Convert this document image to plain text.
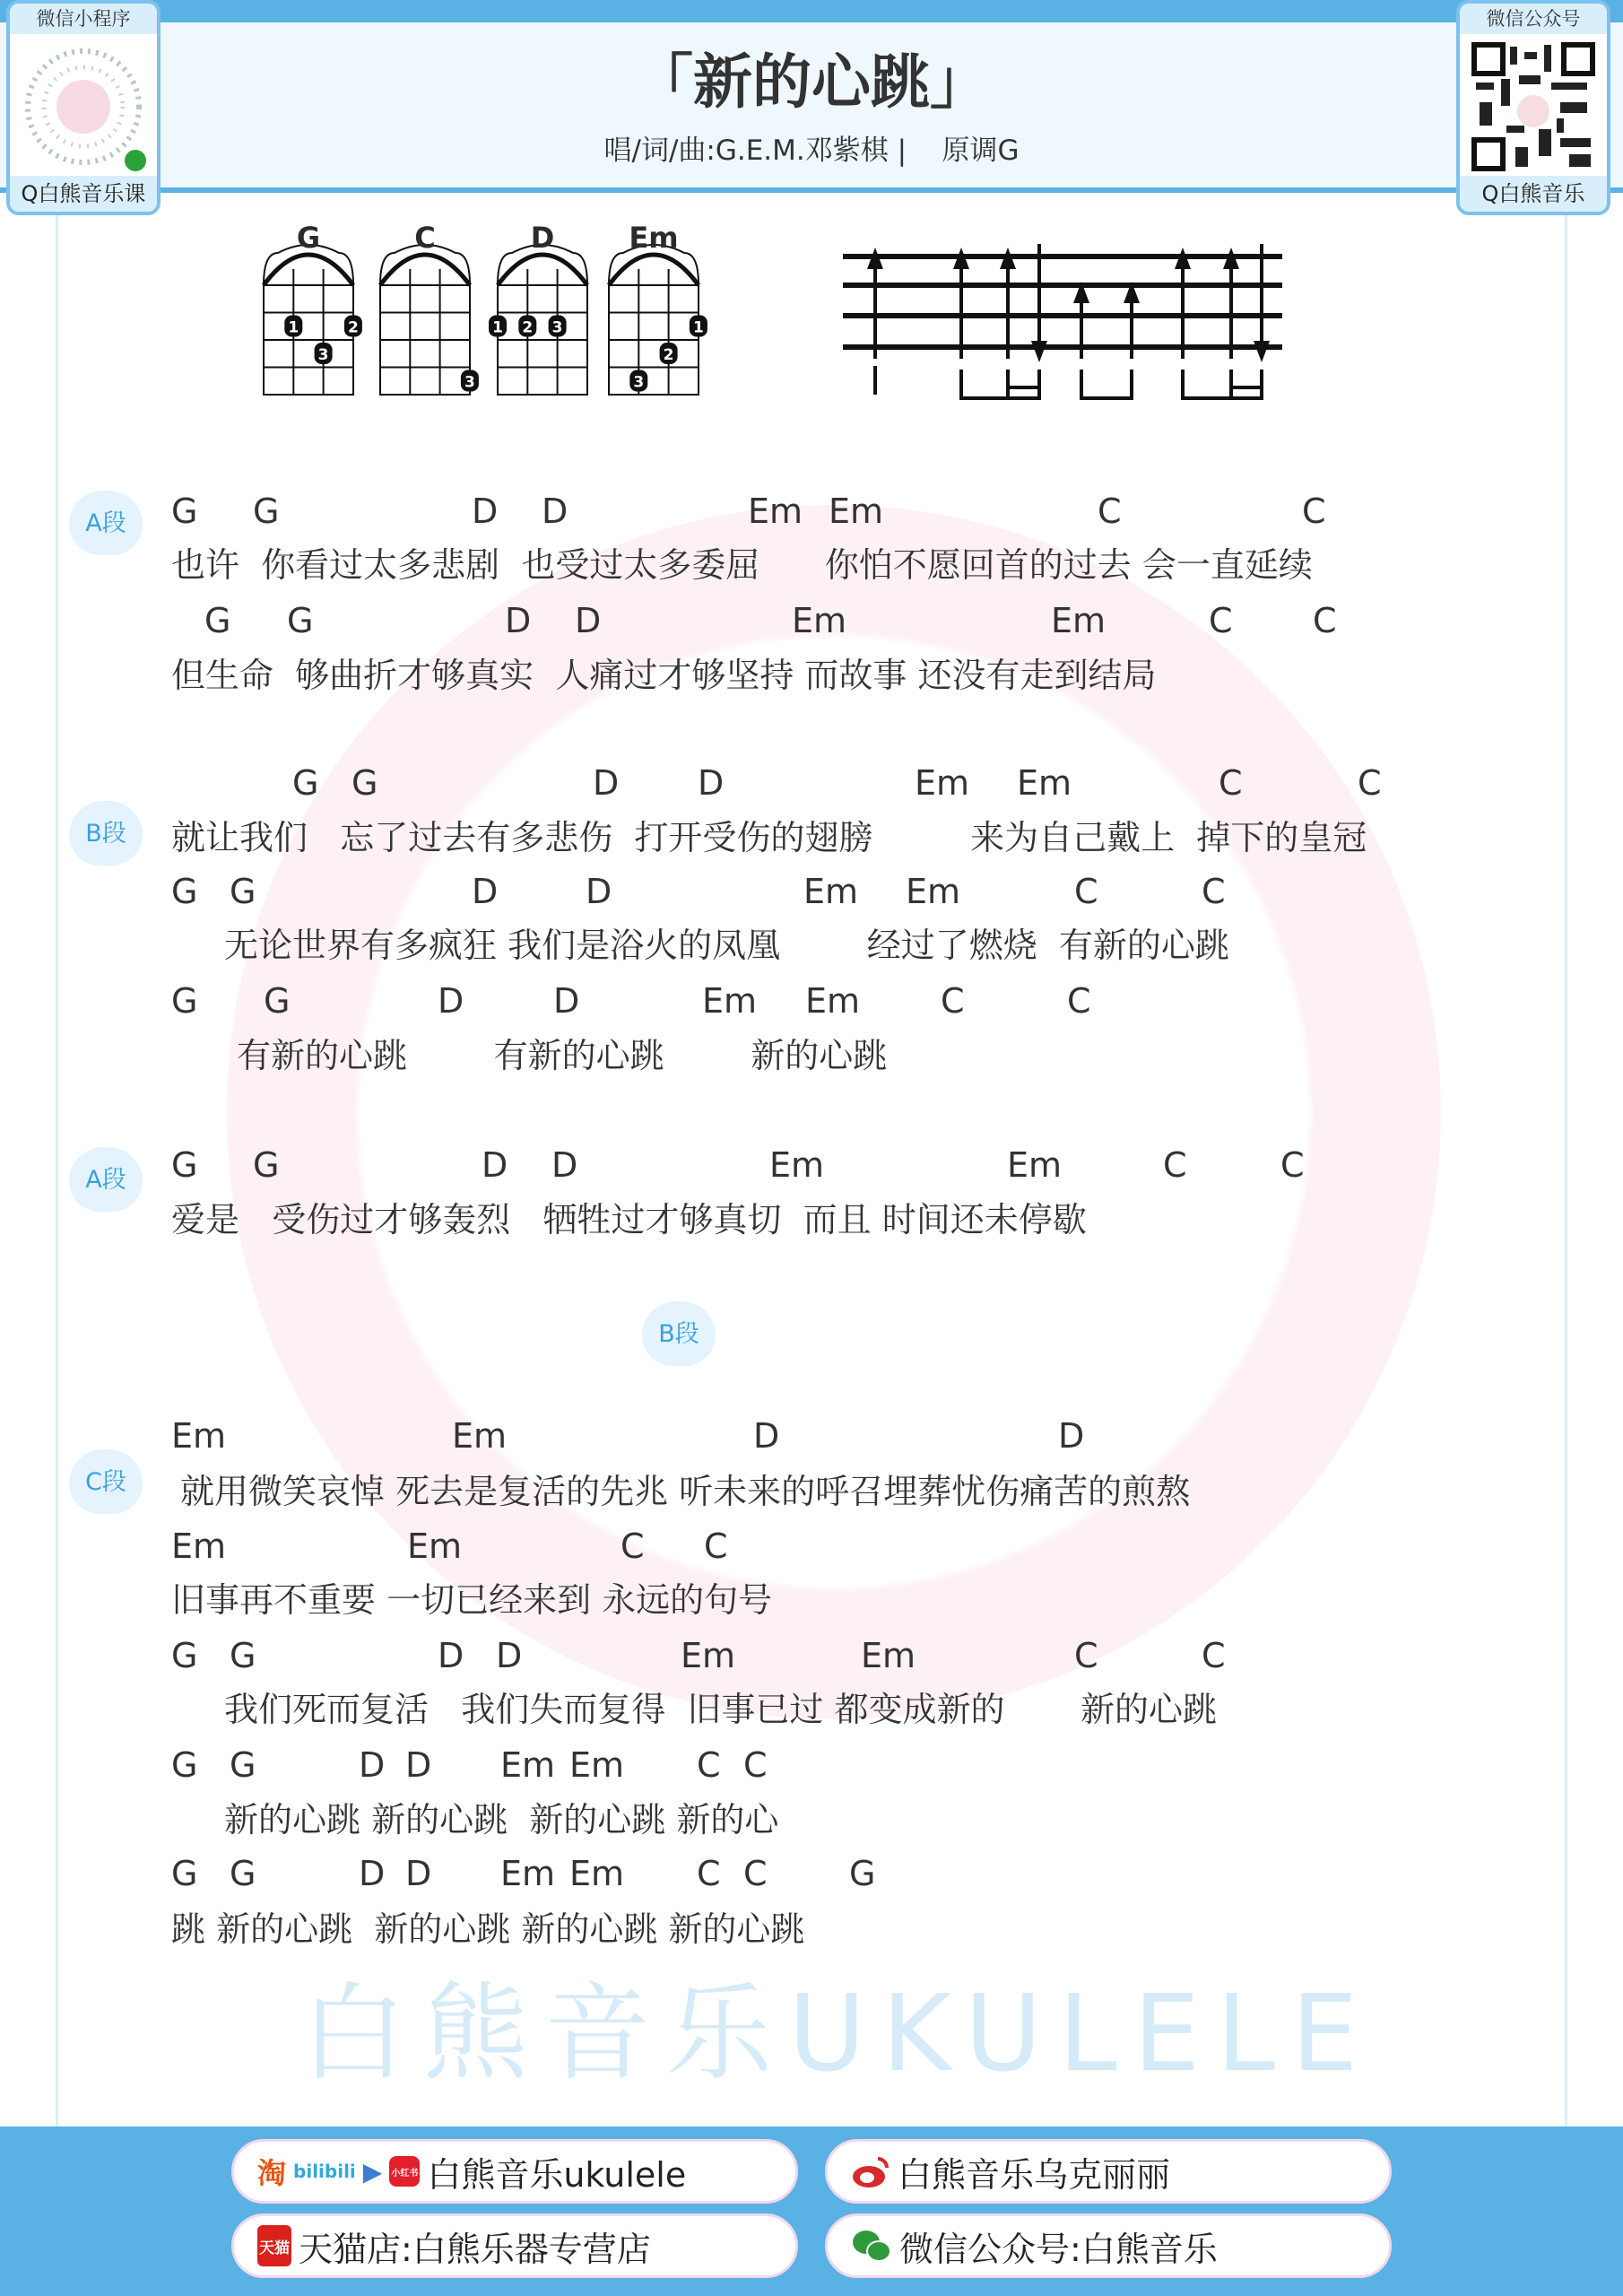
白熊音乐UKULELE
「新的心跳」
唱/词/曲:G.E.M.邓紫棋 |    原调G
微信小程序
Q白熊音乐课
微信公众号
Q白熊音乐
1	2
3
3
1 2 3	1
2
3
G	C	D	Em
A段	G G	D D	Em Em	C	C
也许  你看过太多悲剧  也受过太多委屈      你怕不愿回首的过去 会一直延续
G G	D D	Em	Em	C C
但生命  够曲折才够真实  人痛过才够坚持 而故事 还没有走到结局
B段
G G	D D	Em Em	C	C
就让我们   忘了过去有多悲伤  打开受伤的翅膀         来为自己戴上  掉下的皇冠
G G	D	D	Em Em	C	C
无论世界有多疯狂 我们是浴火的凤凰        经过了燃烧  有新的心跳
G G	D	D	Em Em C	C
有新的心跳        有新的心跳        新的心跳
A段	G G	D D	Em	Em	C	C
爱是   受伤过才够轰烈   牺牲过才够真切  而且 时间还未停歇
B段
C段
Em	Em	D	D
就用微笑哀悼 死去是复活的先兆 听未来的呼召埋葬忧伤痛苦的煎熬
Em	Em	C C
旧事再不重要 一切已经来到 永远的句号
G G	D D	Em	Em	C	C
我们死而复活   我们失而复得  旧事已过 都变成新的       新的心跳
G G	D D Em Em C C
新的心跳 新的心跳  新的心跳 新的心
G G	D D Em Em C C G
跳 新的心跳  新的心跳 新的心跳 新的心跳
淘 bilibili ▶ 小红书 白熊音乐ukulele	白熊音乐乌克丽丽
天猫 天猫店:白熊乐器专营店	微信公众号:白熊音乐
